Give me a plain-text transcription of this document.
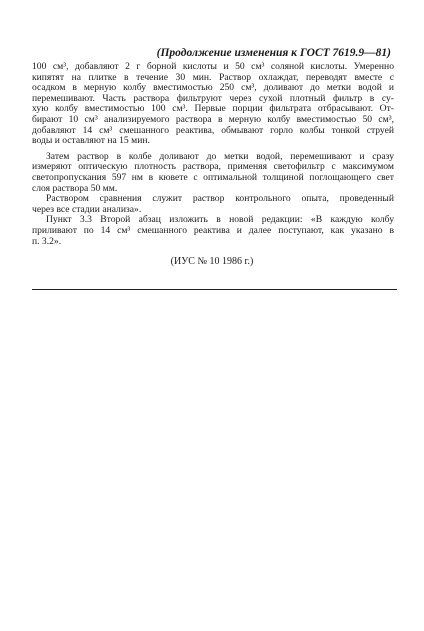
(Продолжение изменения к ГОСТ 7619.9—81)
100 см³, добавляют 2 г борной кислоты и 50 см³ соляной кислоты. Умеренно
кипятят на плитке в течение 30 мин. Раствор охлаждат, переводят вместе с
осадком в мерную колбу вместимостью 250 см³, доливают до метки водой и
перемешивают. Часть раствора фильтруют через сухой плотный фильтр в су-
хую колбу вместимостью 100 см³. Первые порции фильтрата отбрасывают. От-
бирают 10 см³ анализируемого раствора в мерную колбу вместимостью 50 см³,
добавляют 14 см³ смешанного реактива, обмывают горло колбы тонкой струей
воды и оставляют на 15 мин.
Затем раствор в колбе доливают до метки водой, перемешивают и сразу
измеряют оптическую плотность раствора, применяя светофильтр с максимумом
светопропускания 597 нм в кювете с оптимальной толщиной поглощающего свет
слоя раствора 50 мм.
Раствором сравнения служит раствор контрольного опыта, проведенный
через все стадии анализа».
Пункт 3.3 Второй абзац изложить в новой редакции: «В каждую колбу
приливают по 14 см³ смешанного реактива и далее поступают, как указано в
п. 3.2».
(ИУС № 10 1986 г.)
